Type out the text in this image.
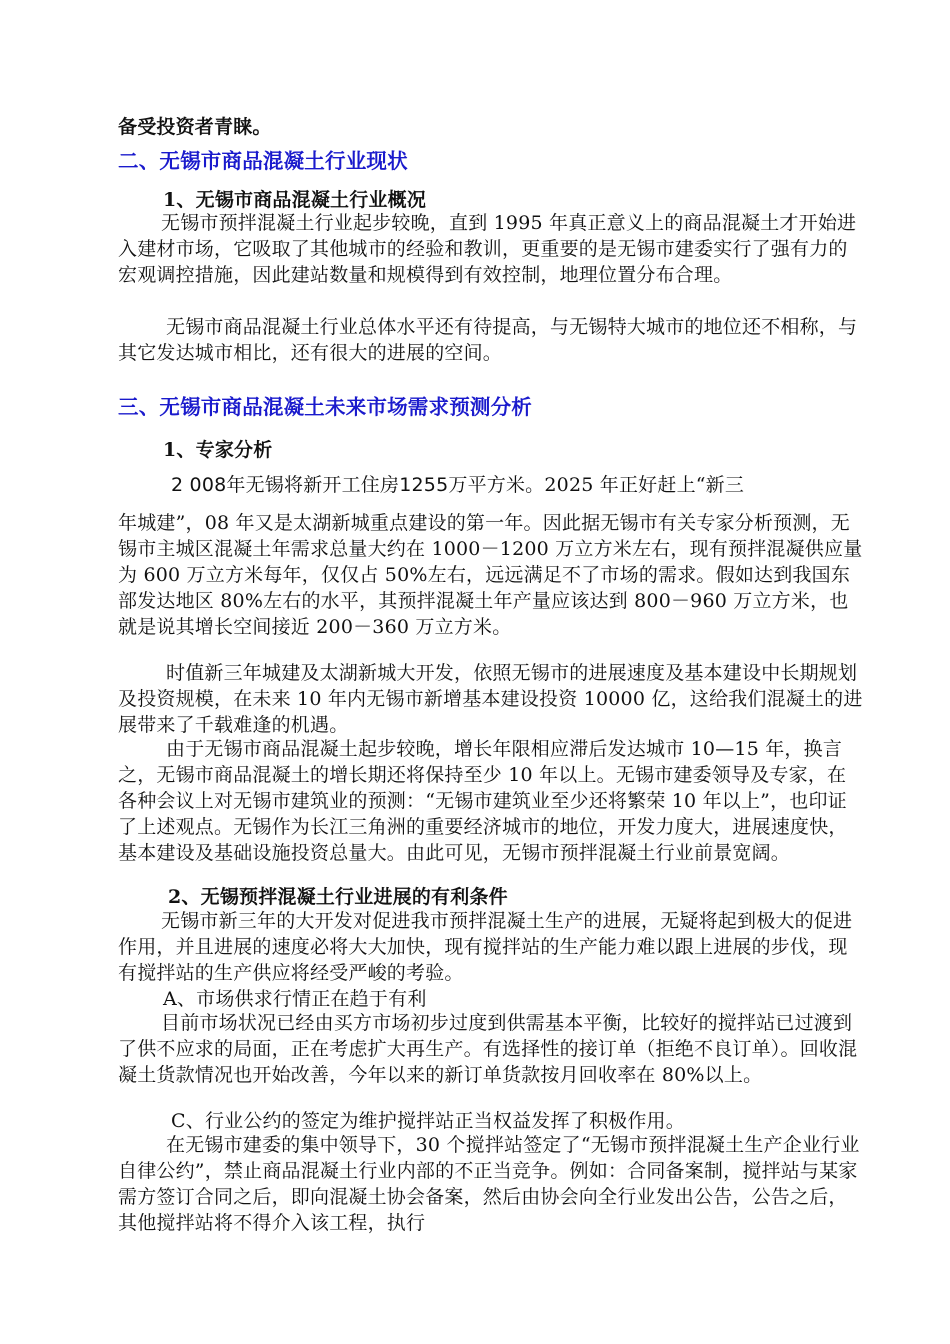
备受投资者青睐。
二、无锡市商品混凝土行业现状
1、无锡市商品混凝土行业概况

无锡市预拌混凝土行业起步较晚，直到 1995 年真正意义上的商品混凝土才开始进入建材市场，它吸取了其他城市的经验和教训，更重要的是无锡市建委实行了强有力的宏观调控措施，因此建站数量和规模得到有效控制，地理位置分布合理。

无锡市商品混凝土行业总体水平还有待提高，与无锡特大城市的地位还不相称，与其它发达城市相比，还有很大的进展的空间。

三、无锡市商品混凝土未来市场需求预测分析
1、专家分析
2 008年无锡将新开工住房1255万平方米。2025 年正好赶上“新三

年城建”，08 年又是太湖新城重点建设的第一年。因此据无锡市有关专家分析预测，无锡市主城区混凝土年需求总量大约在 1000－1200 万立方米左右，现有预拌混凝供应量为 600 万立方米每年，仅仅占 50%左右，远远满足不了市场的需求。假如达到我国东部发达地区 80%左右的水平，其预拌混凝土年产量应该达到 800－960 万立方米，也就是说其增长空间接近 200－360 万立方米。

时值新三年城建及太湖新城大开发，依照无锡市的进展速度及基本建设中长期规划及投资规模，在未来 10 年内无锡市新增基本建设投资 10000 亿，这给我们混凝土的进展带来了千载难逢的机遇。

由于无锡市商品混凝土起步较晚，增长年限相应滞后发达城市 10—15 年，换言之，无锡市商品混凝土的增长期还将保持至少 10 年以上。无锡市建委领导及专家，在各种会议上对无锡市建筑业的预测：“无锡市建筑业至少还将繁荣 10 年以上”，也印证了上述观点。无锡作为长江三角洲的重要经济城市的地位，开发力度大，进展速度快，基本建设及基础设施投资总量大。由此可见，无锡市预拌混凝土行业前景宽阔。

2、无锡预拌混凝土行业进展的有利条件

无锡市新三年的大开发对促进我市预拌混凝土生产的进展，无疑将起到极大的促进作用，并且进展的速度必将大大加快，现有搅拌站的生产能力难以跟上进展的步伐，现有搅拌站的生产供应将经受严峻的考验。

A、市场供求行情正在趋于有利

目前市场状况已经由买方市场初步过度到供需基本平衡，比较好的搅拌站已过渡到了供不应求的局面，正在考虑扩大再生产。有选择性的接订单（拒绝不良订单）。回收混凝土货款情况也开始改善，今年以来的新订单货款按月回收率在 80%以上。

C、行业公约的签定为维护搅拌站正当权益发挥了积极作用。

在无锡市建委的集中领导下，30 个搅拌站签定了“无锡市预拌混凝土生产企业行业自律公约”，禁止商品混凝土行业内部的不正当竞争。例如：合同备案制，搅拌站与某家需方签订合同之后，即向混凝土协会备案，然后由协会向全行业发出公告，公告之后，其他搅拌站将不得介入该工程，执行
